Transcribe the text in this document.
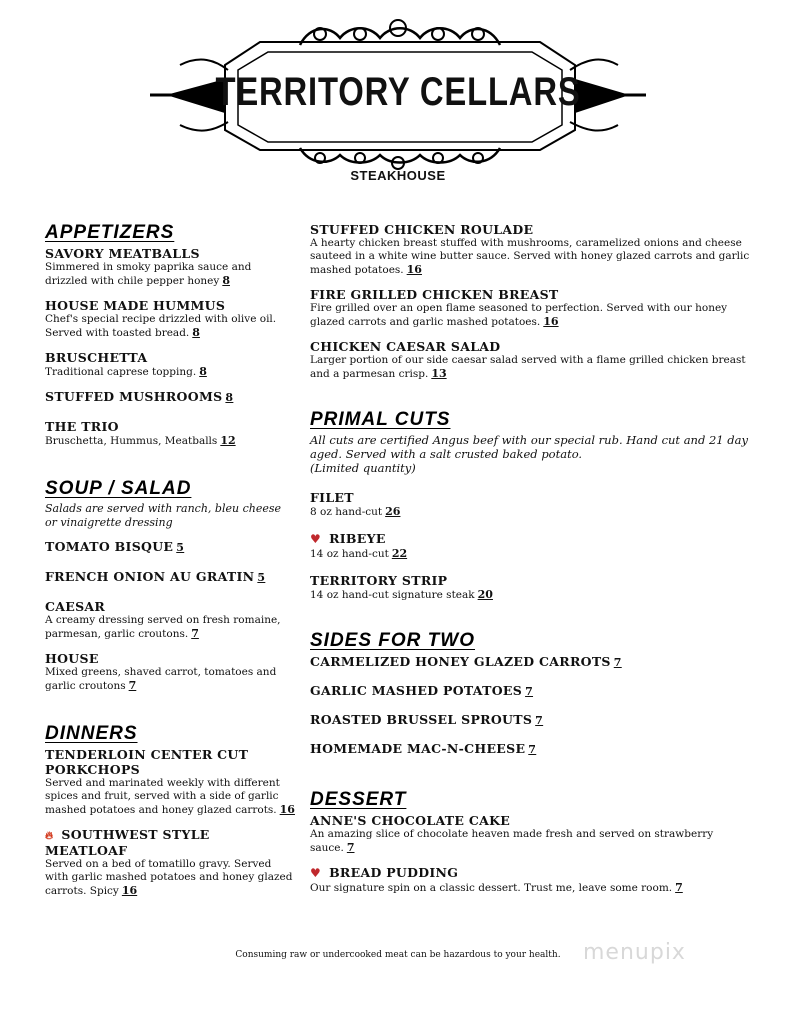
TERRITORY CELLARS
STEAKHOUSE
APPETIZERS
SAVORY MEATBALLS
Simmered in smoky paprika sauce and drizzled with chile pepper honey 8
HOUSE MADE HUMMUS
Chef's special recipe drizzled with olive oil. Served with toasted bread. 8
BRUSCHETTA
Traditional caprese topping. 8
STUFFED MUSHROOMS 8
THE TRIO
Bruschetta, Hummus, Meatballs 12
SOUP / SALAD
Salads are served with ranch, bleu cheese or vinaigrette dressing
TOMATO BISQUE 5
FRENCH ONION AU GRATIN 5
CAESAR
A creamy dressing served on fresh romaine, parmesan, garlic croutons. 7
HOUSE
Mixed greens, shaved carrot, tomatoes and garlic croutons 7
DINNERS
TENDERLOIN CENTER CUT PORKCHOPS
Served and marinated weekly with different spices and fruit, served with a side of garlic mashed potatoes and honey glazed carrots. 16
🔥︎ SOUTHWEST STYLE MEATLOAF
Served on a bed of tomatillo gravy. Served with garlic mashed potatoes and honey glazed carrots. Spicy 16
STUFFED CHICKEN ROULADE
A hearty chicken breast stuffed with mushrooms, caramelized onions and cheese sauteed in a white wine butter sauce. Served with honey glazed carrots and garlic mashed potatoes. 16
FIRE GRILLED CHICKEN BREAST
Fire grilled over an open flame seasoned to perfection. Served with our honey glazed carrots and garlic mashed potatoes. 16
CHICKEN CAESAR SALAD
Larger portion of our side caesar salad served with a flame grilled chicken breast and a parmesan crisp. 13
PRIMAL CUTS
All cuts are certified Angus beef with our special rub. Hand cut and 21 day aged. Served with a salt crusted baked potato.
(Limited quantity)
FILET
8 oz hand-cut 26
♥ RIBEYE
14 oz hand-cut 22
TERRITORY STRIP
14 oz hand-cut signature steak 20
SIDES FOR TWO
CARMELIZED HONEY GLAZED CARROTS 7
GARLIC MASHED POTATOES 7
ROASTED BRUSSEL SPROUTS 7
HOMEMADE MAC-N-CHEESE 7
DESSERT
ANNE'S CHOCOLATE CAKE
An amazing slice of chocolate heaven made fresh and served on strawberry sauce. 7
♥ BREAD PUDDING
Our signature spin on a classic dessert. Trust me, leave some room. 7
Consuming raw or undercooked meat can be hazardous to your health.	menupix
